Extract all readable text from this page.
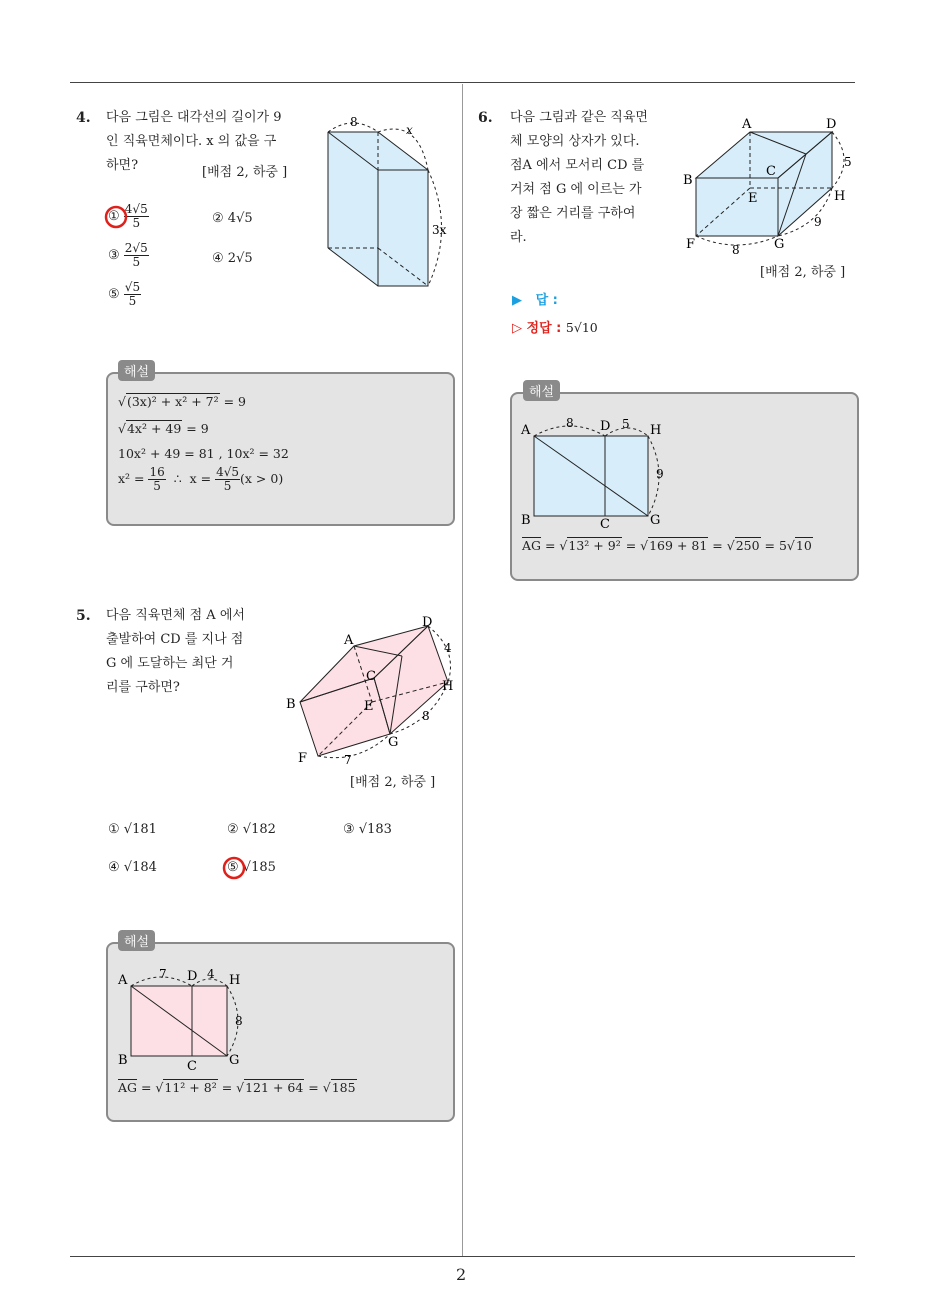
2
4. 다음 그림은 대각선의 길이가 9
인 직육면체이다. x 의 값을 구
하면?	[배점 2, 하중 ]
① $\frac{4√5}{5}$	② 4√5
③ $\frac{2√5}{5}$	④ 2√5
⑤ $\frac{√5}{5}$
8
x
3x
해설
√(3x)² + x² + 7² = 9
√4x² + 49 = 9
10x² + 49 = 81 , 10x² = 32
$x^2 = \frac{16}{5}$ ∴  $x = \frac{4√5}{5} (x > 0)$
5. 다음 직육면체 점 A 에서
출발하여 CD 를 지나 점
G 에 도달하는 최단 거
리를 구하면?
A
D
4
C
H
B	E
8
G
F	7
[배점 2, 하중 ]
① √181	② √182	③ √183
④ √184	⑤ √185
해설
A	7 D 4 H
8
B	C G
$\overline{AG} = √11^2 + 8^2 = √121 + 64 = √185$
6. 다음 그림과 같은 직육면
체 모양의 상자가 있다.
점A 에서 모서리 CD 를
거쳐 점 G 에 이르는 가
장 짧은 거리를 구하여
라.
A	D
5
C
B
E	H
9
F	8	G
[배점 2, 하중 ]
▶ 답 :
▷ 정답 : 5√10
해설
A	8 D 5 H
9
B	C	G
$\overline{AG} = √13^2 + 9^2 = √169 + 81 = √250 = 5√10$
